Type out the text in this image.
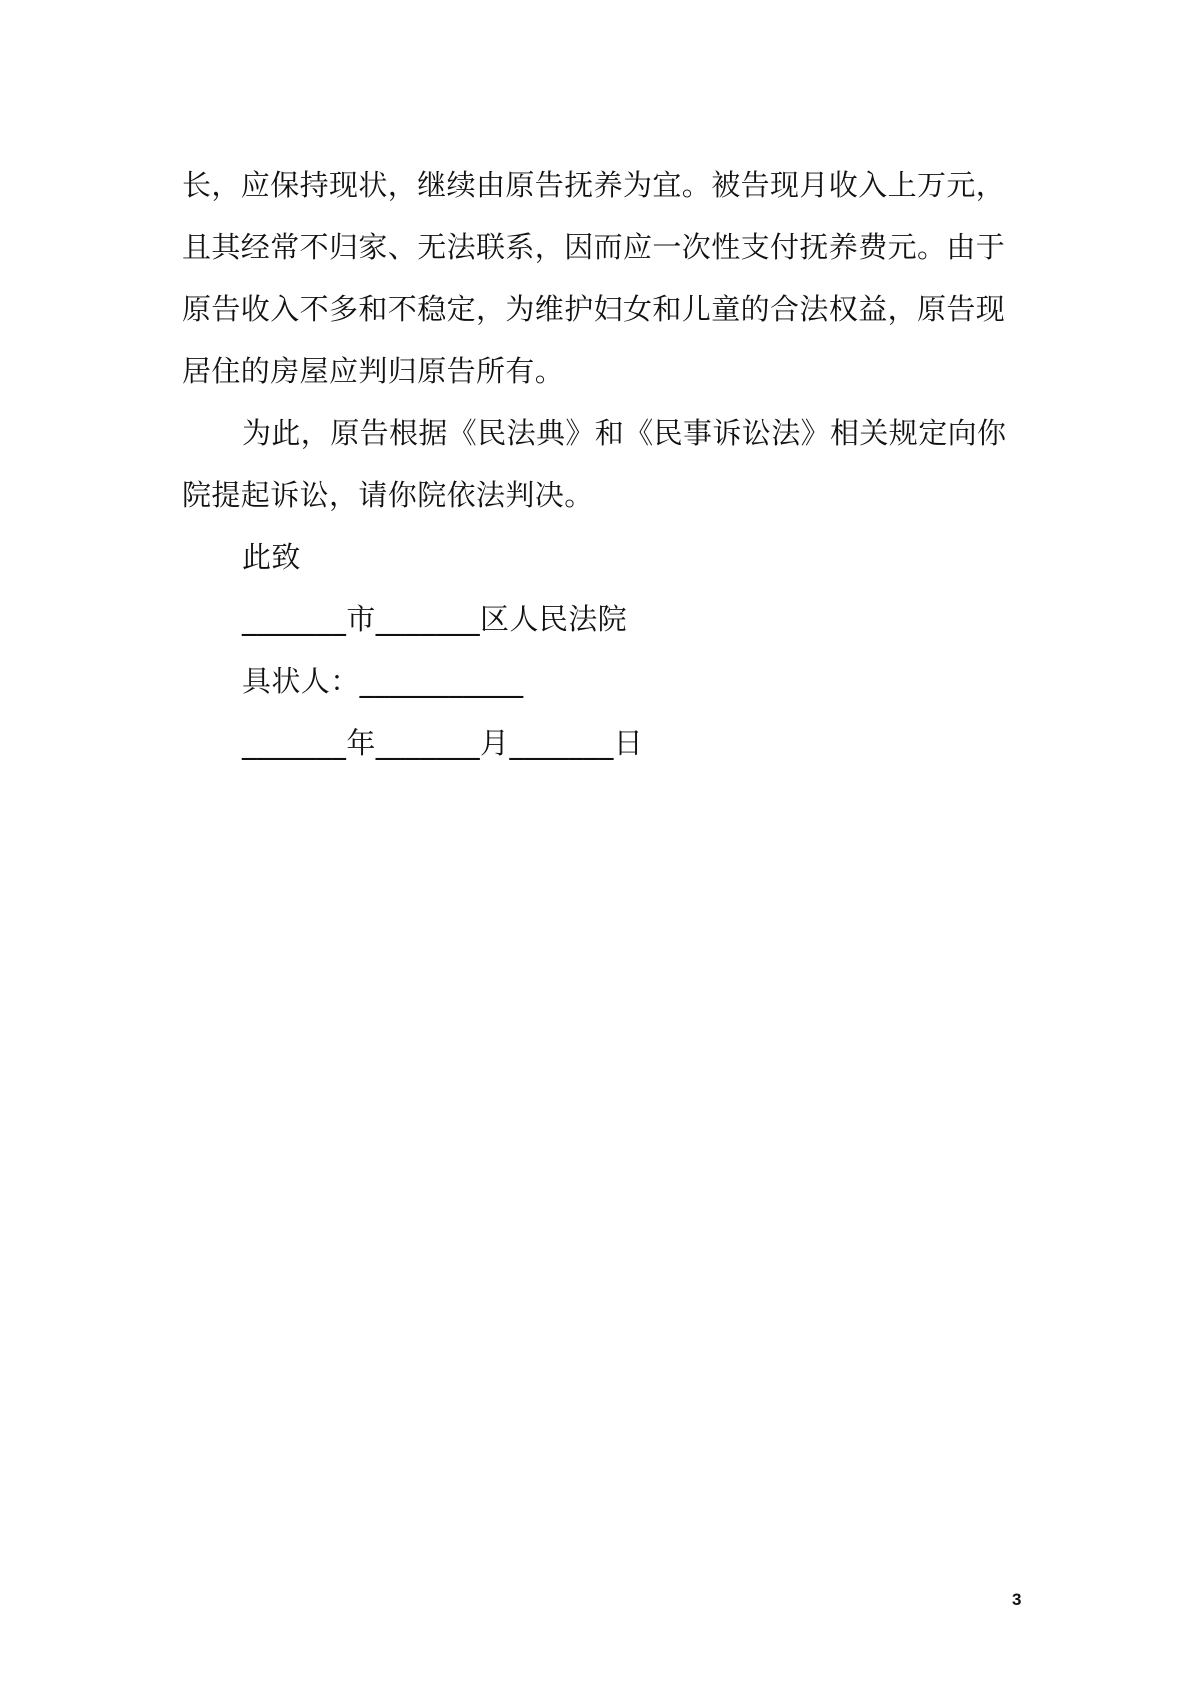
长，应保持现状，继续由原告抚养为宜。被告现月收入上万元，
且其经常不归家、无法联系，因而应一次性支付抚养费元。由于
原告收入不多和不稳定，为维护妇女和儿童的合法权益，原告现
居住的房屋应判归原告所有。
为此，原告根据《民法典》和《民事诉讼法》相关规定向你
院提起诉讼，请你院依法判决。
此致
_______市_______区人民法院
具状人：___________
_______年_______月_______日
3
